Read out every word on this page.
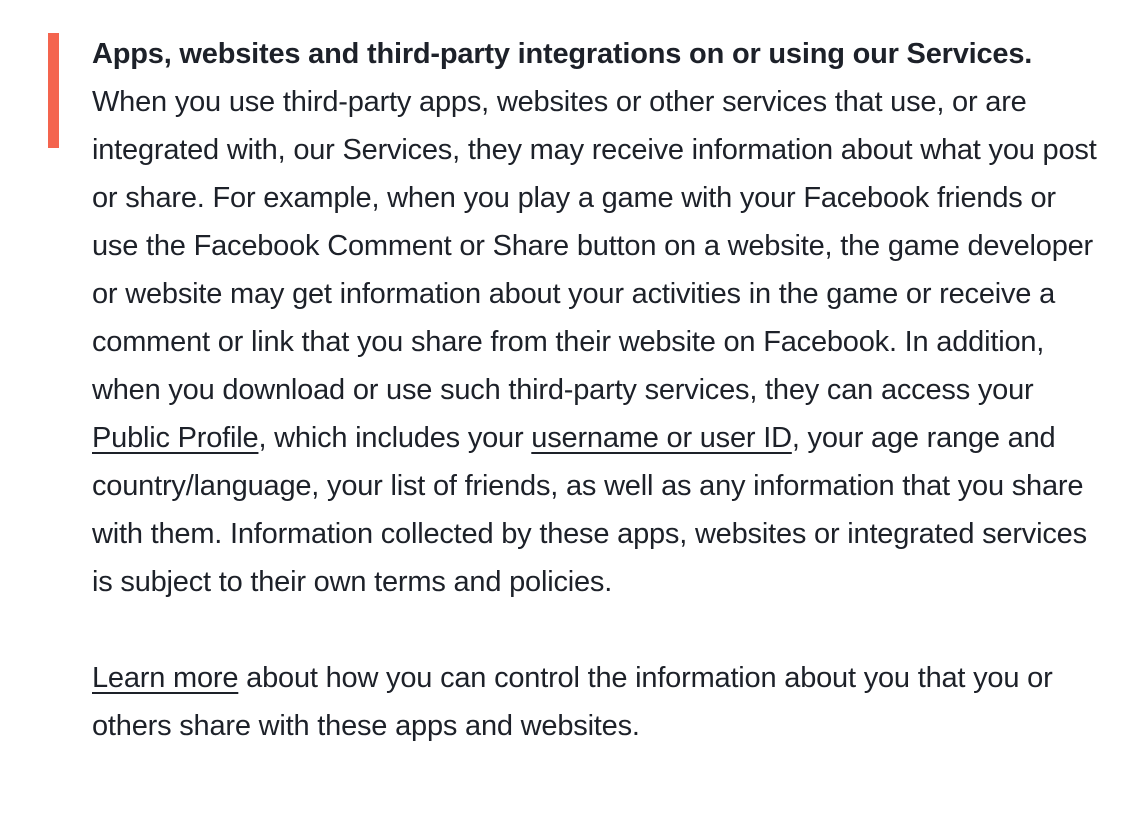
Apps, websites and third-party integrations on or using our Services. When you use third-party apps, websites or other services that use, or are integrated with, our Services, they may receive information about what you post or share. For example, when you play a game with your Facebook friends or use the Facebook Comment or Share button on a website, the game developer or website may get information about your activities in the game or receive a comment or link that you share from their website on Facebook. In addition, when you download or use such third-party services, they can access your Public Profile, which includes your username or user ID, your age range and country/language, your list of friends, as well as any information that you share with them. Information collected by these apps, websites or integrated services is subject to their own terms and policies.

Learn more about how you can control the information about you that you or others share with these apps and websites.
